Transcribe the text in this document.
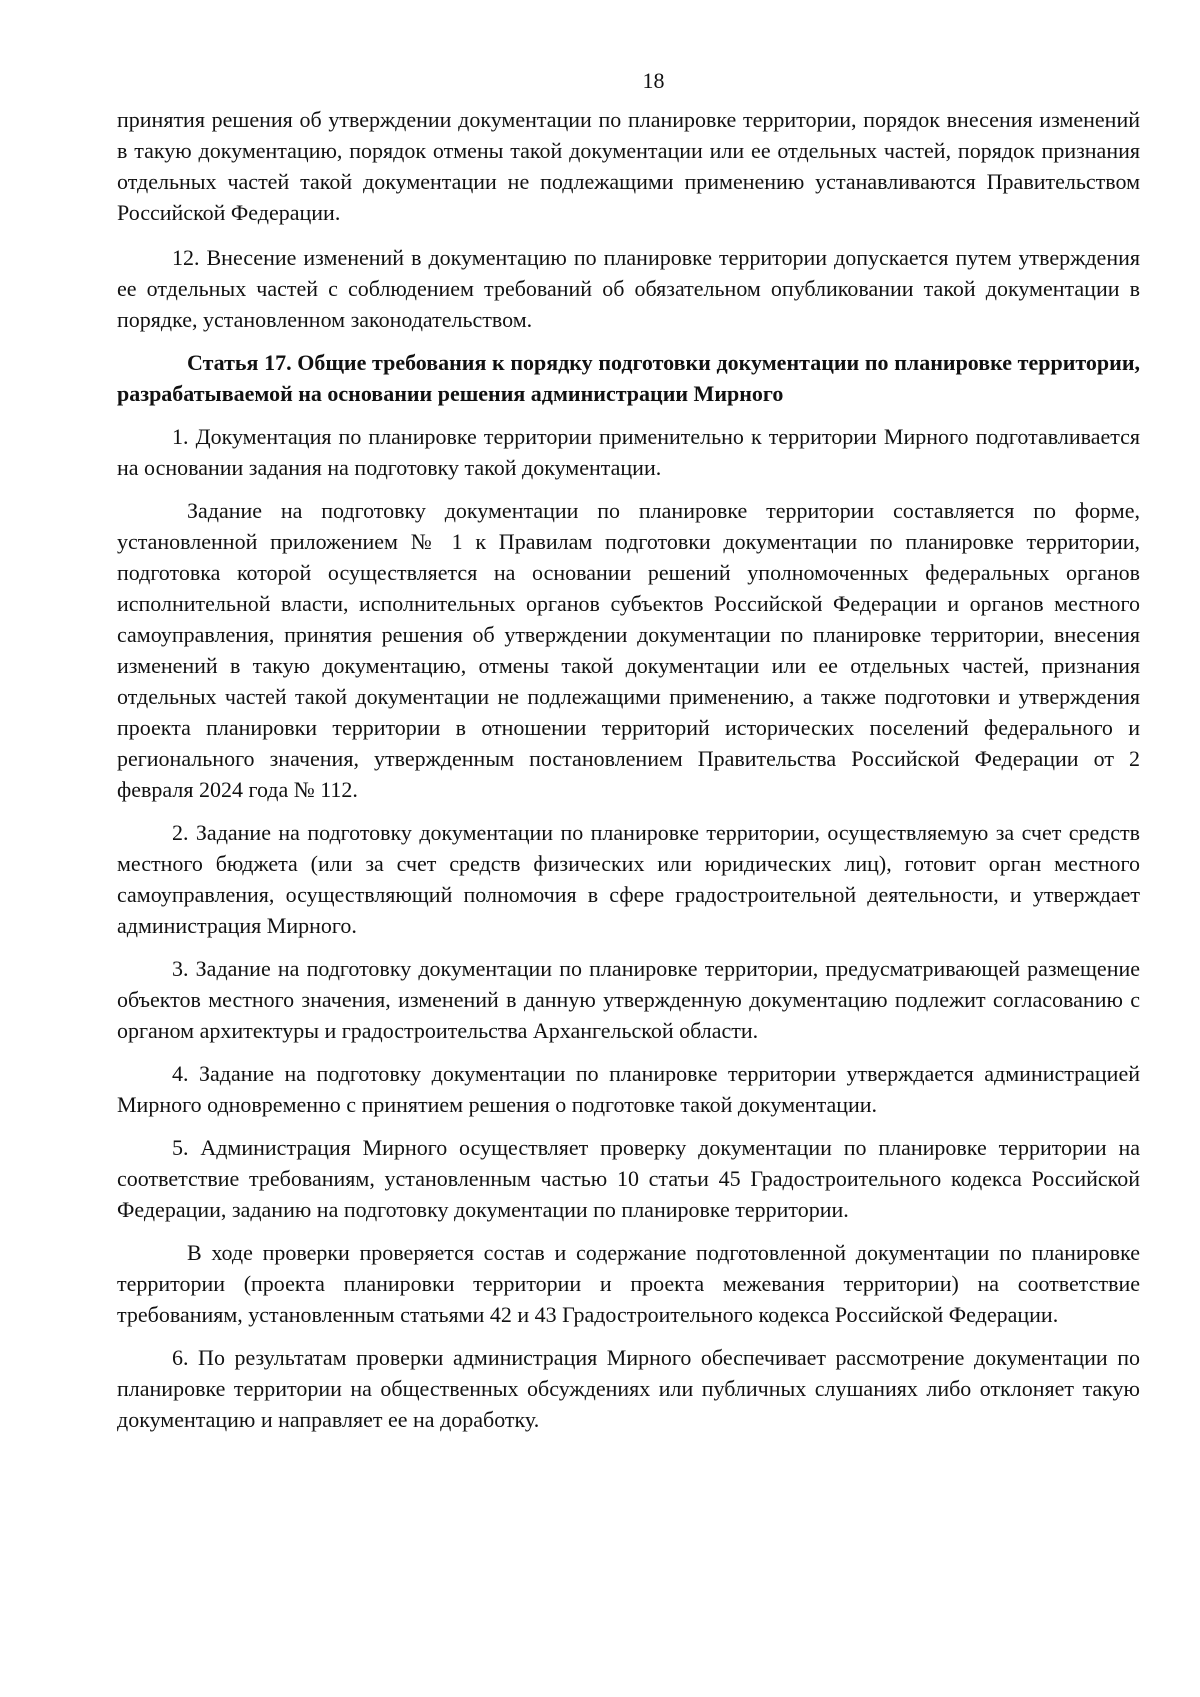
18

принятия решения об утверждении документации по планировке территории, порядок внесения изменений в такую документацию, порядок отмены такой документации или ее отдельных частей, порядок признания отдельных частей такой документации не подлежащими применению устанавливаются Правительством Российской Федерации.

12. Внесение изменений в документацию по планировке территории допускается путем утверждения ее отдельных частей с соблюдением требований об обязательном опубликовании такой документации в порядке, установленном законодательством.

Статья 17. Общие требования к порядку подготовки документации по планировке территории, разрабатываемой на основании решения администрации Мирного

1. Документация по планировке территории применительно к территории Мирного подготавливается на основании задания на подготовку такой документации.

Задание на подготовку документации по планировке территории составляется по форме, установленной приложением № 1 к Правилам подготовки документации по планировке территории, подготовка которой осуществляется на основании решений уполномоченных федеральных органов исполнительной власти, исполнительных органов субъектов Российской Федерации и органов местного самоуправления, принятия решения об утверждении документации по планировке территории, внесения изменений в такую документацию, отмены такой документации или ее отдельных частей, признания отдельных частей такой документации не подлежащими применению, а также подготовки и утверждения проекта планировки территории в отношении территорий исторических поселений федерального и регионального значения, утвержденным постановлением Правительства Российской Федерации от 2 февраля 2024 года № 112.

2. Задание на подготовку документации по планировке территории, осуществляемую за счет средств местного бюджета (или за счет средств физических или юридических лиц), готовит орган местного самоуправления, осуществляющий полномочия в сфере градостроительной деятельности, и утверждает администрация Мирного.

3. Задание на подготовку документации по планировке территории, предусматривающей размещение объектов местного значения, изменений в данную утвержденную документацию подлежит согласованию с органом архитектуры и градостроительства Архангельской области.

4. Задание на подготовку документации по планировке территории утверждается администрацией Мирного одновременно с принятием решения о подготовке такой документации.

5. Администрация Мирного осуществляет проверку документации по планировке территории на соответствие требованиям, установленным частью 10 статьи 45 Градостроительного кодекса Российской Федерации, заданию на подготовку документации по планировке территории.

В ходе проверки проверяется состав и содержание подготовленной документации по планировке территории (проекта планировки территории и проекта межевания территории) на соответствие требованиям, установленным статьями 42 и 43 Градостроительного кодекса Российской Федерации.

6. По результатам проверки администрация Мирного обеспечивает рассмотрение документации по планировке территории на общественных обсуждениях или публичных слушаниях либо отклоняет такую документацию и направляет ее на доработку.
